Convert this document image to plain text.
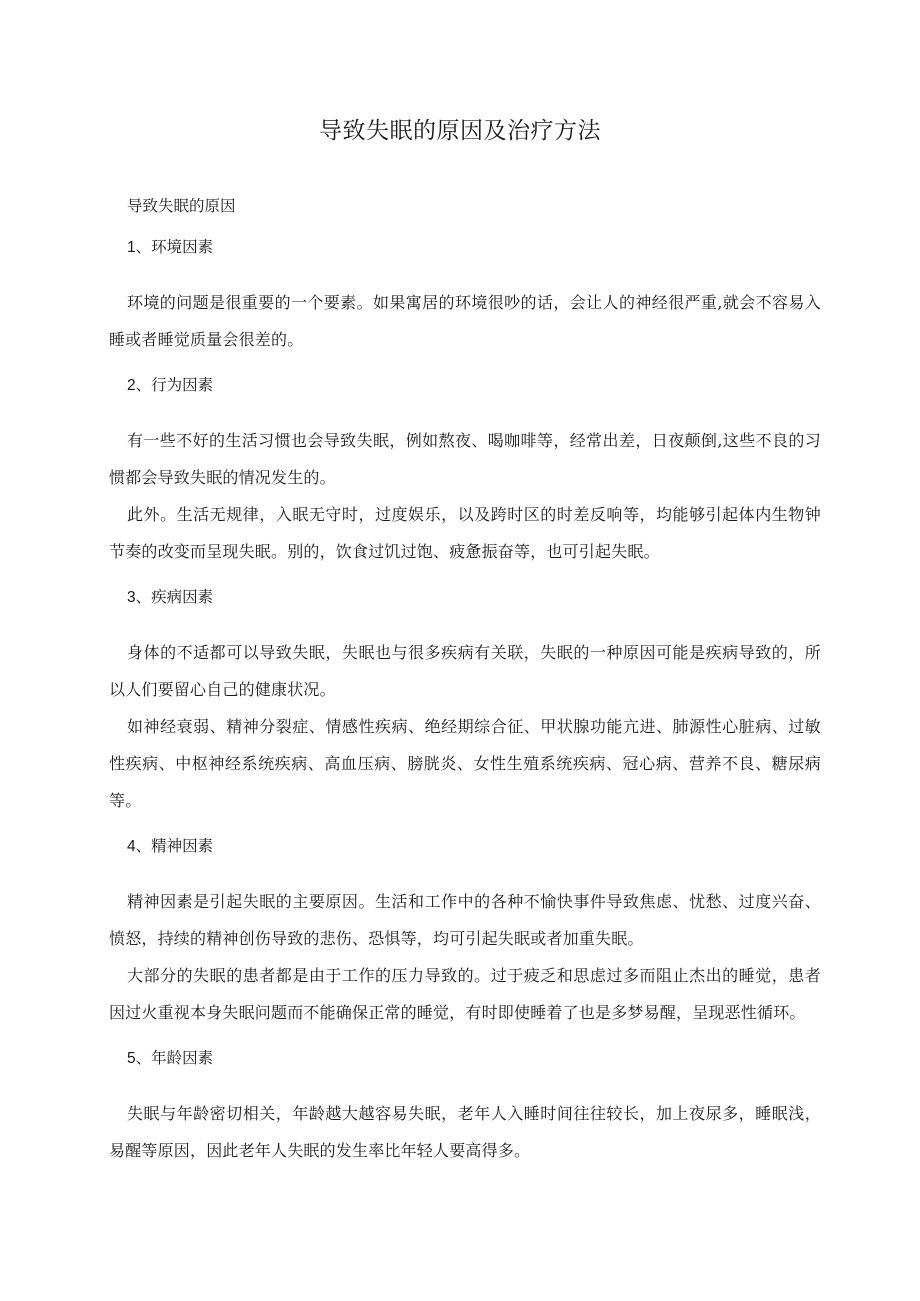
导致失眠的原因及治疗方法

导致失眠的原因

1、环境因素

环境的问题是很重要的一个要素。如果寓居的环境很吵的话，会让人的神经很严重,就会不容易入睡或者睡觉质量会很差的。

2、行为因素

有一些不好的生活习惯也会导致失眠，例如熬夜、喝咖啡等，经常出差，日夜颠倒,这些不良的习惯都会导致失眠的情况发生的。

此外。生活无规律，入眠无守时，过度娱乐，以及跨时区的时差反响等，均能够引起体内生物钟节奏的改变而呈现失眠。别的，饮食过饥过饱、疲惫振奋等，也可引起失眠。

3、疾病因素

身体的不适都可以导致失眠，失眠也与很多疾病有关联，失眠的一种原因可能是疾病导致的，所以人们要留心自己的健康状况。

如神经衰弱、精神分裂症、情感性疾病、绝经期综合征、甲状腺功能亢进、肺源性心脏病、过敏性疾病、中枢神经系统疾病、高血压病、膀胱炎、女性生殖系统疾病、冠心病、营养不良、糖尿病等。

4、精神因素

精神因素是引起失眠的主要原因。生活和工作中的各种不愉快事件导致焦虑、忧愁、过度兴奋、愤怒，持续的精神创伤导致的悲伤、恐惧等，均可引起失眠或者加重失眠。

大部分的失眠的患者都是由于工作的压力导致的。过于疲乏和思虑过多而阻止杰出的睡觉，患者因过火重视本身失眠问题而不能确保正常的睡觉，有时即使睡着了也是多梦易醒，呈现恶性循环。

5、年龄因素

失眠与年龄密切相关，年龄越大越容易失眠，老年人入睡时间往往较长，加上夜尿多，睡眠浅，易醒等原因，因此老年人失眠的发生率比年轻人要高得多。
